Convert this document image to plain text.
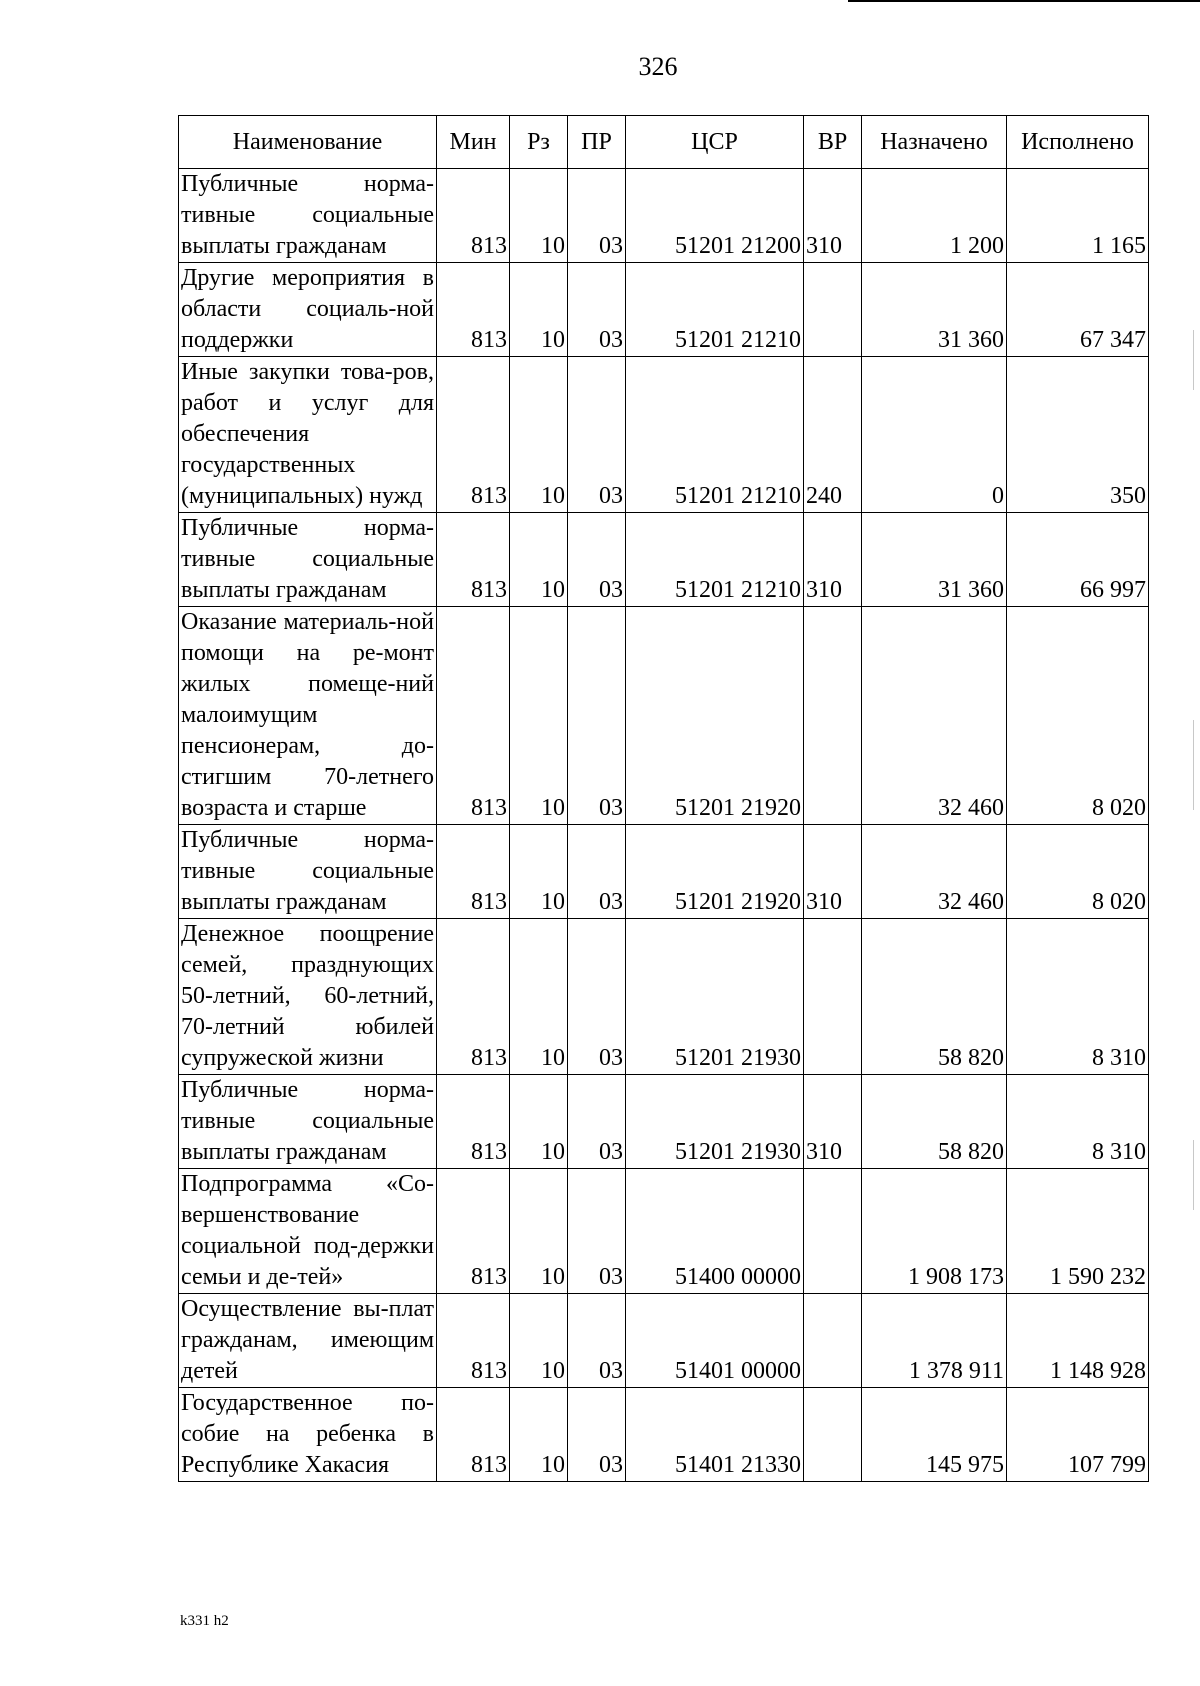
326
Наименование	Мин	Рз	ПР	ЦСР	ВР	Назначено	Исполнено
Публичные норма-тивные социальные выплаты гражданам	813	10	03	51201 21200	310	1 200	1 165
Другие мероприятия в области социаль-ной поддержки	813	10	03	51201 21210		31 360	67 347
Иные закупки това-ров, работ и услуг для обеспечения государственных (муниципальных) нужд	813	10	03	51201 21210	240	0	350
Публичные норма-тивные социальные выплаты гражданам	813	10	03	51201 21210	310	31 360	66 997
Оказание материаль-ной помощи на ре-монт жилых помеще-ний малоимущим пенсионерам, до-стигшим 70-летнего возраста и старше	813	10	03	51201 21920		32 460	8 020
Публичные норма-тивные социальные выплаты гражданам	813	10	03	51201 21920	310	32 460	8 020
Денежное поощрение семей, празднующих 50-летний, 60-летний, 70-летний юбилей супружеской жизни	813	10	03	51201 21930		58 820	8 310
Публичные норма-тивные социальные выплаты гражданам	813	10	03	51201 21930	310	58 820	8 310
Подпрограмма «Со-вершенствование социальной под-держки семьи и де-тей»	813	10	03	51400 00000		1 908 173	1 590 232
Осуществление вы-плат гражданам, имеющим детей	813	10	03	51401 00000		1 378 911	1 148 928
Государственное по-собие на ребенка в Республике Хакасия	813	10	03	51401 21330		145 975	107 799
k331 h2
